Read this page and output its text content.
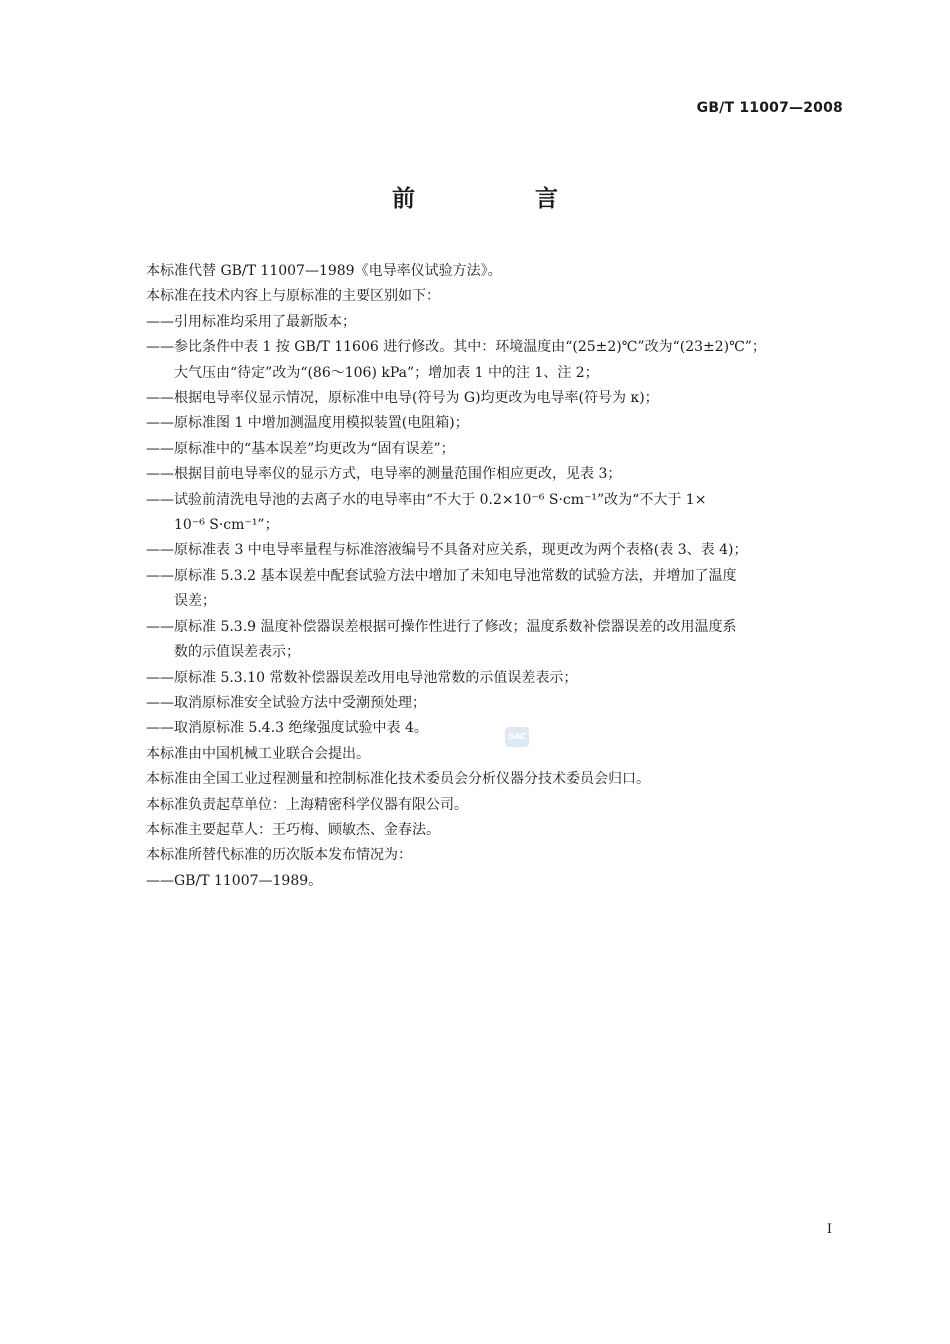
GB/T 11007—2008
前 言

本标准代替 GB/T 11007—1989《电导率仪试验方法》。

本标准在技术内容上与原标准的主要区别如下：

——引用标准均采用了最新版本；
——参比条件中表 1 按 GB/T 11606 进行修改。其中：环境温度由“(25±2)℃”改为“(23±2)℃”；
大气压由“待定”改为“(86～106) kPa”；增加表 1 中的注 1、注 2；
——根据电导率仪显示情况，原标准中电导(符号为 G)均更改为电导率(符号为 κ)；
——原标准图 1 中增加测温度用模拟装置(电阻箱)；
——原标准中的“基本误差”均更改为“固有误差”；
——根据目前电导率仪的显示方式，电导率的测量范围作相应更改，见表 3；
——试验前清洗电导池的去离子水的电导率由“不大于 0.2×10⁻⁶ S·cm⁻¹”改为“不大于 1×
10⁻⁶ S·cm⁻¹”；
——原标准表 3 中电导率量程与标准溶液编号不具备对应关系，现更改为两个表格(表 3、表 4)；
——原标准 5.3.2 基本误差中配套试验方法中增加了未知电导池常数的试验方法，并增加了温度
误差；
——原标准 5.3.9 温度补偿器误差根据可操作性进行了修改；温度系数补偿器误差的改用温度系
数的示值误差表示；
——原标准 5.3.10 常数补偿器误差改用电导池常数的示值误差表示；
——取消原标准安全试验方法中受潮预处理；
——取消原标准 5.4.3 绝缘强度试验中表 4。

本标准由中国机械工业联合会提出。

本标准由全国工业过程测量和控制标准化技术委员会分析仪器分技术委员会归口。

本标准负责起草单位：上海精密科学仪器有限公司。

本标准主要起草人：王巧梅、顾敏杰、金春法。

本标准所替代标准的历次版本发布情况为：

——GB/T 11007—1989。

SAC
I
